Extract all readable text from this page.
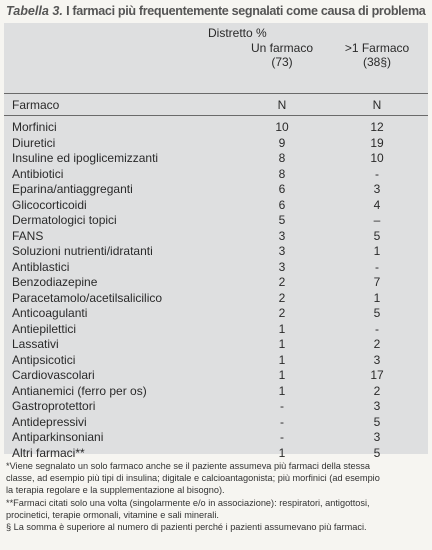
Tabella 3. I farmaci più frequentemente segnalati come causa di problema
Distretto %
Un farmaco	>1 Farmaco
(73)	(38§)
Farmaco	N	N
Morfinici	10	12
Diuretici	9	19
Insuline ed ipoglicemizzanti	8	10
Antibiotici	8	-
Eparina/antiaggreganti	6	3
Glicocorticoidi	6	4
Dermatologici topici	5	–
FANS	3	5
Soluzioni nutrienti/idratanti	3	1
Antiblastici	3	-
Benzodiazepine	2	7
Paracetamolo/acetilsalicilico	2	1
Anticoagulanti	2	5
Antiepilettici	1	-
Lassativi	1	2
Antipsicotici	1	3
Cardiovascolari	1	17
Antianemici (ferro per os)	1	2
Gastroprotettori	-	3
Antidepressivi	-	5
Antiparkinsoniani	-	3
Altri farmaci**	1	5

*Viene segnalato un solo farmaco anche se il paziente assumeva più farmaci della stessa

classe, ad esempio più tipi di insulina; digitale e calcioantagonista; più morfinici (ad esempio

la terapia regolare e la supplementazione al bisogno).

**Farmaci citati solo una volta (singolarmente e/o in associazione): respiratori, antigottosi,

procinetici, terapie ormonali, vitamine e sali minerali.

§ La somma è superiore al numero di pazienti perché i pazienti assumevano più farmaci.
